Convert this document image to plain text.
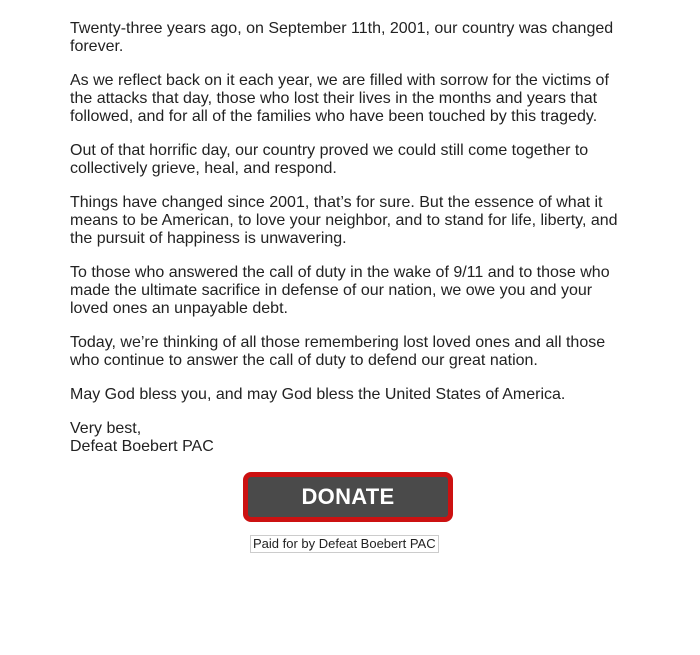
Twenty-three years ago, on September 11th, 2001, our country was changed forever.

As we reflect back on it each year, we are filled with sorrow for the victims of the attacks that day, those who lost their lives in the months and years that followed, and for all of the families who have been touched by this tragedy.

Out of that horrific day, our country proved we could still come together to collectively grieve, heal, and respond.

Things have changed since 2001, that’s for sure. But the essence of what it means to be American, to love your neighbor, and to stand for life, liberty, and the pursuit of happiness is unwavering.

To those who answered the call of duty in the wake of 9/11 and to those who made the ultimate sacrifice in defense of our nation, we owe you and your loved ones an unpayable debt.

Today, we’re thinking of all those remembering lost loved ones and all those who continue to answer the call of duty to defend our great nation.

May God bless you, and may God bless the United States of America.

Very best,
Defeat Boebert PAC
DONATE
Paid for by Defeat Boebert PAC
